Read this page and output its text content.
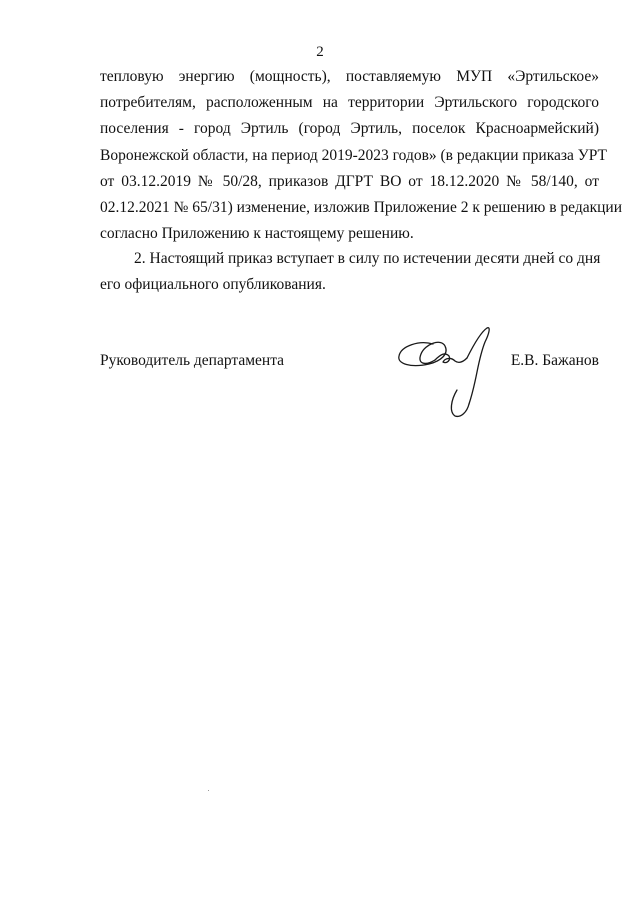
2

тепловую энергию (мощность), поставляемую МУП «Эртильское»
потребителям, расположенным на территории Эртильского городского
поселения - город Эртиль (город Эртиль, поселок Красноармейский)
Воронежской области, на период 2019-2023 годов» (в редакции приказа УРТ
от 03.12.2019 № 50/28, приказов ДГРТ ВО от 18.12.2020 № 58/140, от
02.12.2021 № 65/31) изменение, изложив Приложение 2 к решению в редакции
согласно Приложению к настоящему решению.

2. Настоящий приказ вступает в силу по истечении десяти дней со дня
его официального опубликования.

Руководитель департамента	Е.В. Бажанов
